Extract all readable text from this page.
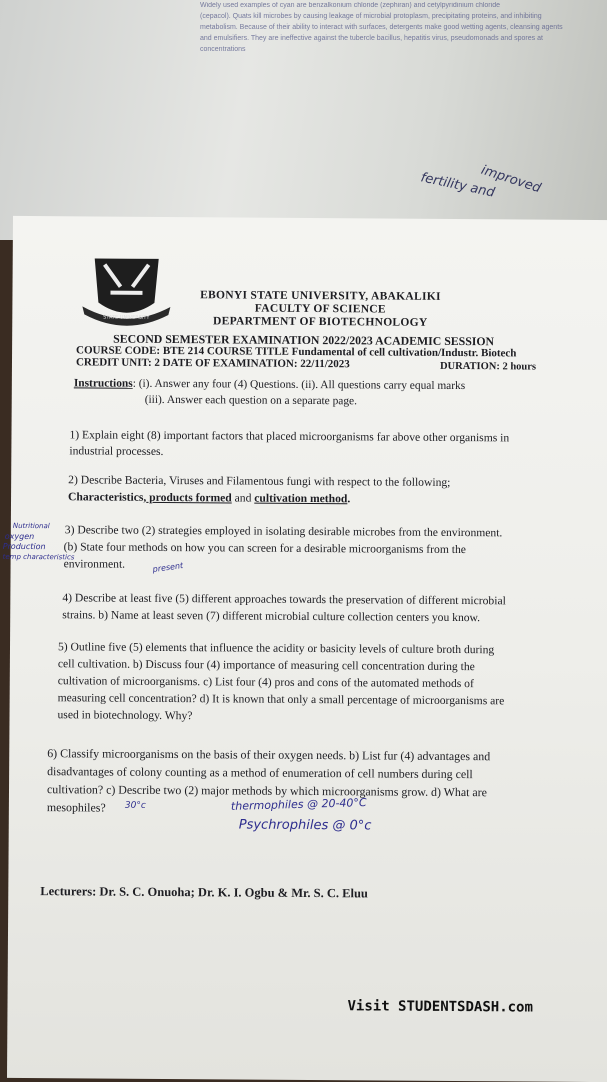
Widely used examples of cyan are benzalkonium chloride (zephiran) and cetylpyridinium chloride
(cepacol). Quats kill microbes by causing leakage of microbial protoplasm, precipitating proteins, and inhibiting
metabolism. Because of their ability to interact with surfaces, detergents make good wetting agents, cleansing agents
and emulsifiers. They are ineffective against the tubercle bacillus, hepatitis virus, pseudomonads and spores at
concentrations
improved
fertility and
STATE UNIVERSITY
EBONYI STATE UNIVERSITY, ABAKALIKI
FACULTY OF SCIENCE
DEPARTMENT OF BIOTECHNOLOGY
SECOND SEMESTER EXAMINATION 2022/2023 ACADEMIC SESSION
COURSE CODE: BTE 214 COURSE TITLE Fundamental of cell cultivation/Industr. Biotech
CREDIT UNIT: 2 DATE OF EXAMINATION: 22/11/2023	DURATION: 2 hours
Instructions: (i). Answer any four (4) Questions. (ii). All questions carry equal marks
(iii). Answer each question on a separate page.
1) Explain eight (8) important factors that placed microorganisms far above other organisms in
industrial processes.
2) Describe Bacteria, Viruses and Filamentous fungi with respect to the following;
Characteristics, products formed and cultivation method.
3) Describe two (2) strategies employed in isolating desirable microbes from the environment.
(b) State four methods on how you can screen for a desirable microorganisms from the
environment.
Nutritional
oxygen
Production
temp characteristics
present
4) Describe at least five (5) different approaches towards the preservation of different microbial
strains. b) Name at least seven (7) different microbial culture collection centers you know.
5) Outline five (5) elements that influence the acidity or basicity levels of culture broth during
cell cultivation. b) Discuss four (4) importance of measuring cell concentration during the
cultivation of microorganisms. c) List four (4) pros and cons of the automated methods of
measuring cell concentration? d) It is known that only a small percentage of microorganisms are
used in biotechnology. Why?
6) Classify microorganisms on the basis of their oxygen needs. b) List fur (4) advantages and
disadvantages of colony counting as a method of enumeration of cell numbers during cell
cultivation? c) Describe two (2) major methods by which microorganisms grow. d) What are
mesophiles? 30°c	thermophiles @ 20-40°C
Psychrophiles @ 0°c
Lecturers: Dr. S. C. Onuoha; Dr. K. I. Ogbu & Mr. S. C. Eluu
Visit STUDENTSDASH.com
